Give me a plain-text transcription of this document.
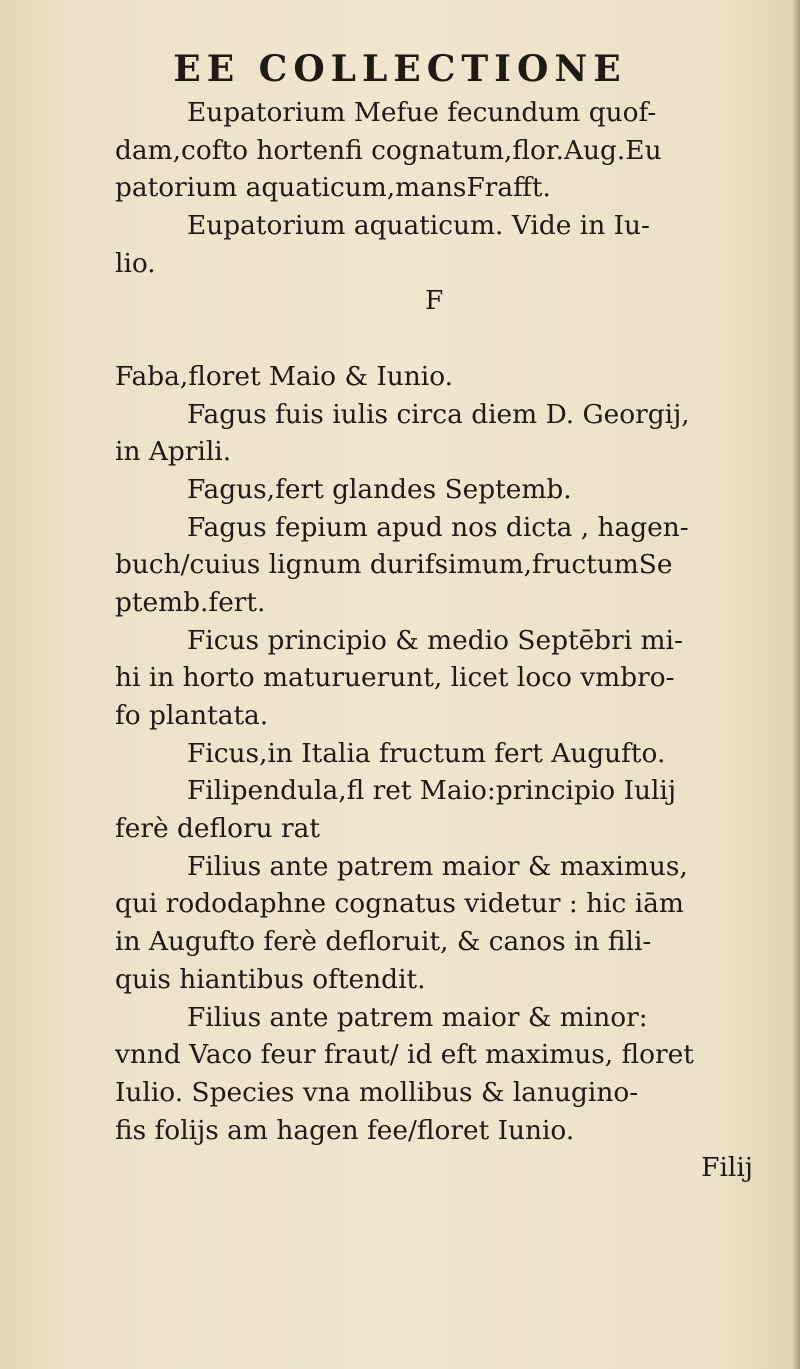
EE COLLECTIONE
Eupatorium Mefue fecundum quof-
dam,cofto hortenfi cognatum,flor.Aug.Eu
patorium aquaticum,mansFrafft.
Eupatorium aquaticum. Vide in Iu-
lio.
F
Faba,floret Maio & Iunio.
Fagus fuis iulis circa diem D. Georgij,
in Aprili.
Fagus,fert glandes Septemb.
Fagus fepium apud nos dicta , hagen-
buch/cuius lignum durifsimum,fructumSe
ptemb.fert.
Ficus principio & medio Septēbri mi-
hi in horto maturuerunt, licet loco vmbro-
fo plantata.
Ficus,in Italia fructum fert Augufto.
Filipendula,fl ret Maio:principio Iulij
ferè defloru rat
Filius ante patrem maior & maximus,
qui rododaphne cognatus videtur : hic iām
in Augufto ferè defloruit, & canos in fili-
quis hiantibus oftendit.
Filius ante patrem maior & minor:
vnnd Vaco feur fraut/ id eft maximus, floret
Iulio. Species vna mollibus & lanugino-
fis folijs am hagen fee/floret Iunio.
Filij
